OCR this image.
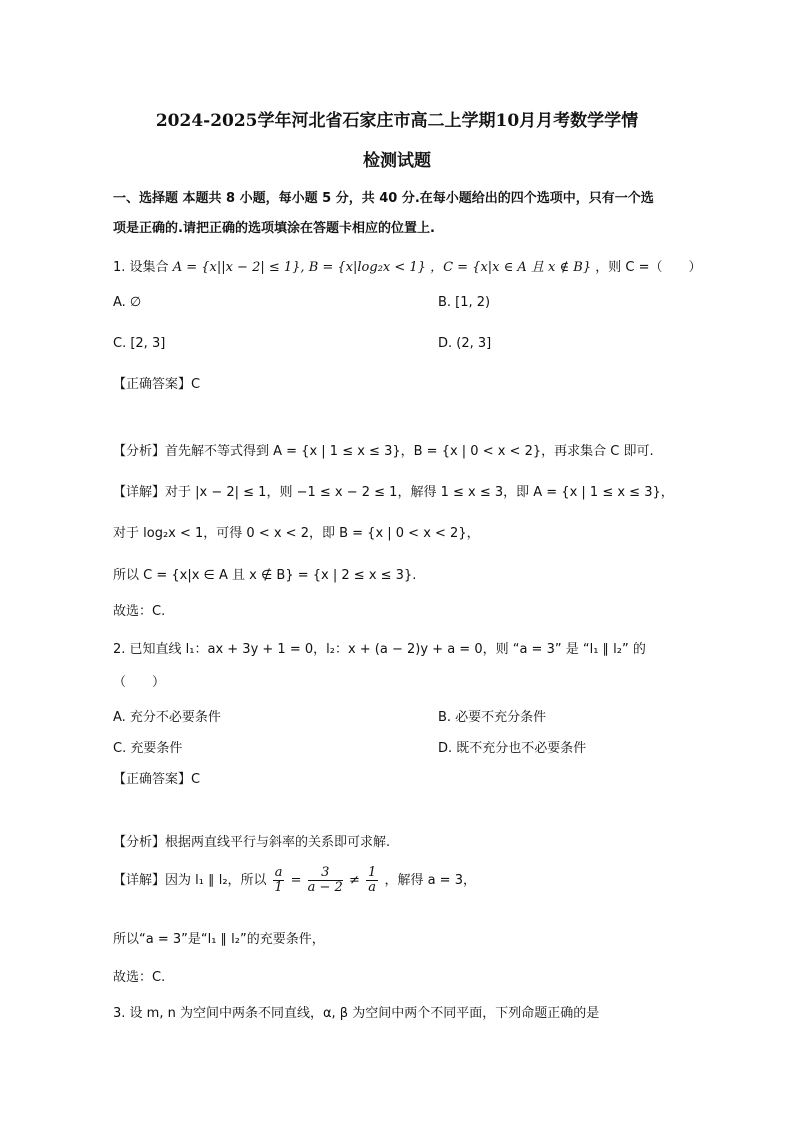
2024-2025学年河北省石家庄市高二上学期10月月考数学学情
检测试题
一、选择题 本题共 8 小题，每小题 5 分，共 40 分.在每小题给出的四个选项中，只有一个选
项是正确的.请把正确的选项填涂在答题卡相应的位置上.
1. 设集合 A = {x||x − 2| ≤ 1}, B = {x|log₂x < 1} ，C = {x|x ∈ A 且 x ∉ B} ，则 C =（　　）
A. ∅	B. [1, 2)
C. [2, 3]	D. (2, 3]
【正确答案】C
【分析】首先解不等式得到 A = {x | 1 ≤ x ≤ 3}，B = {x | 0 < x < 2}，再求集合 C 即可.
【详解】对于 |x − 2| ≤ 1，则 −1 ≤ x − 2 ≤ 1，解得 1 ≤ x ≤ 3，即 A = {x | 1 ≤ x ≤ 3}，
对于 log₂x < 1，可得 0 < x < 2，即 B = {x | 0 < x < 2}，
所以 C = {x|x ∈ A 且 x ∉ B} = {x | 2 ≤ x ≤ 3}.
故选：C.
2. 已知直线 l₁：ax + 3y + 1 = 0，l₂：x + (a − 2)y + a = 0，则 “a = 3” 是 “l₁ ∥ l₂” 的
（　　）
A. 充分不必要条件	B. 必要不充分条件
C. 充要条件	D. 既不充分也不必要条件
【正确答案】C
【分析】根据两直线平行与斜率的关系即可求解.
【详解】因为 l₁ ∥ l₂，所以 $\frac{a}{1} = \frac{3}{a - 2} \ne \frac{1}{a}$ ，解得 a = 3，
所以“a = 3”是“l₁ ∥ l₂”的充要条件，
故选：C.
3. 设 m, n 为空间中两条不同直线，α, β 为空间中两个不同平面，下列命题正确的是
